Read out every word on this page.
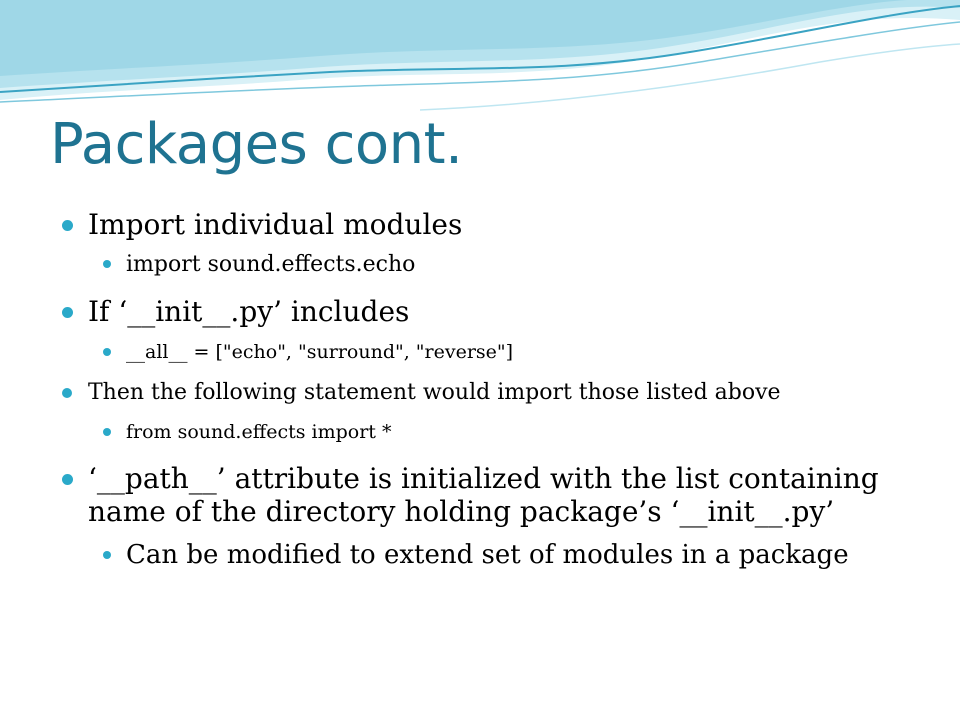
Packages cont.
Import individual modules
import sound.effects.echo
If ‘__init__.py’ includes
__all__ = ["echo", "surround", "reverse"]
Then the following statement would import those listed above
from sound.effects import *
‘__path__’ attribute is initialized with the list containing name of the directory holding package’s ‘__init__.py’
Can be modified to extend set of modules in a package
